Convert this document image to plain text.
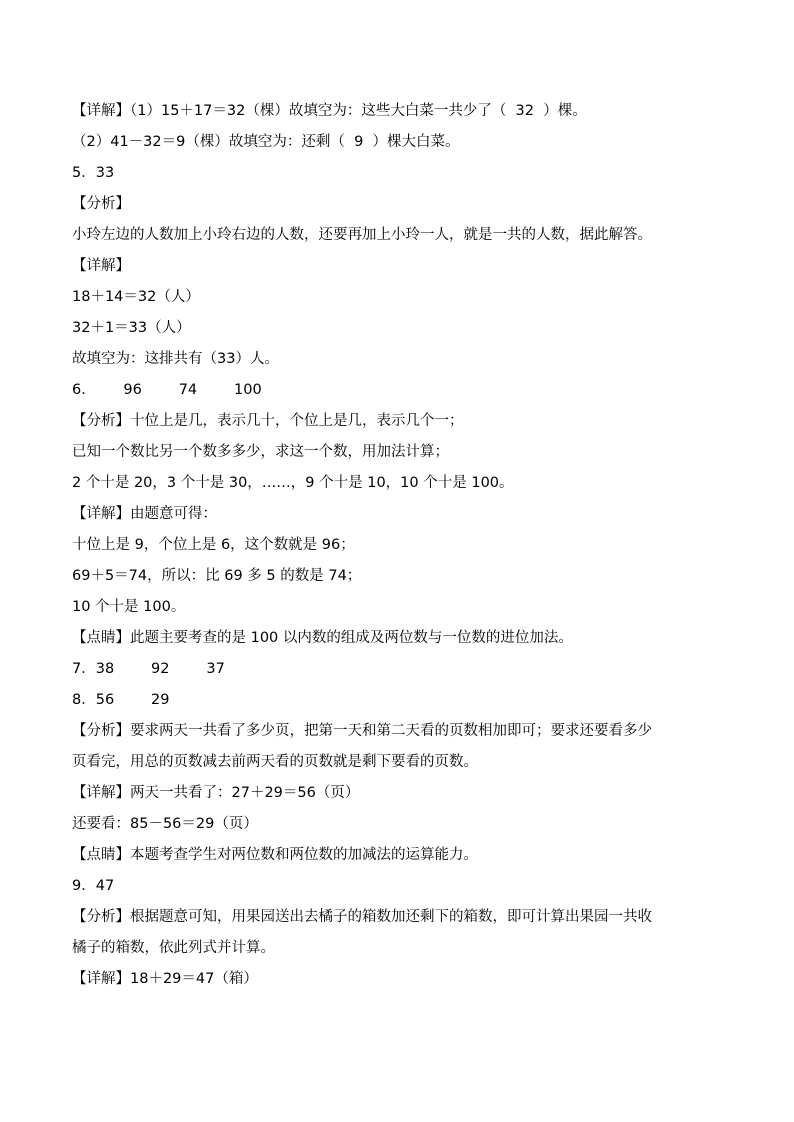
【详解】（1）15＋17＝32（棵）故填空为：这些大白菜一共少了（  32  ）棵。

（2）41－32＝9（棵）故填空为：还剩（  9  ）棵大白菜。

5．33

【分析】

小玲左边的人数加上小玲右边的人数，还要再加上小玲一人，就是一共的人数，据此解答。

【详解】

18＋14＝32（人）

32＋1＝33（人）

故填空为：这排共有（33）人。

6．      96        74        100

【分析】十位上是几，表示几十，个位上是几，表示几个一；

已知一个数比另一个数多多少，求这一个数，用加法计算；

2 个十是 20，3 个十是 30，……，9 个十是 10，10 个十是 100。

【详解】由题意可得：

十位上是 9，个位上是 6，这个数就是 96；

69＋5＝74，所以：比 69 多 5 的数是 74；

10 个十是 100。

【点睛】此题主要考查的是 100 以内数的组成及两位数与一位数的进位加法。

7．38        92        37

8．56        29

【分析】要求两天一共看了多少页，把第一天和第二天看的页数相加即可；要求还要看多少

页看完，用总的页数减去前两天看的页数就是剩下要看的页数。

【详解】两天一共看了：27＋29＝56（页）

还要看：85－56＝29（页）

【点睛】本题考查学生对两位数和两位数的加减法的运算能力。

9．47

【分析】根据题意可知，用果园送出去橘子的箱数加还剩下的箱数，即可计算出果园一共收

橘子的箱数，依此列式并计算。

【详解】18＋29＝47（箱）
